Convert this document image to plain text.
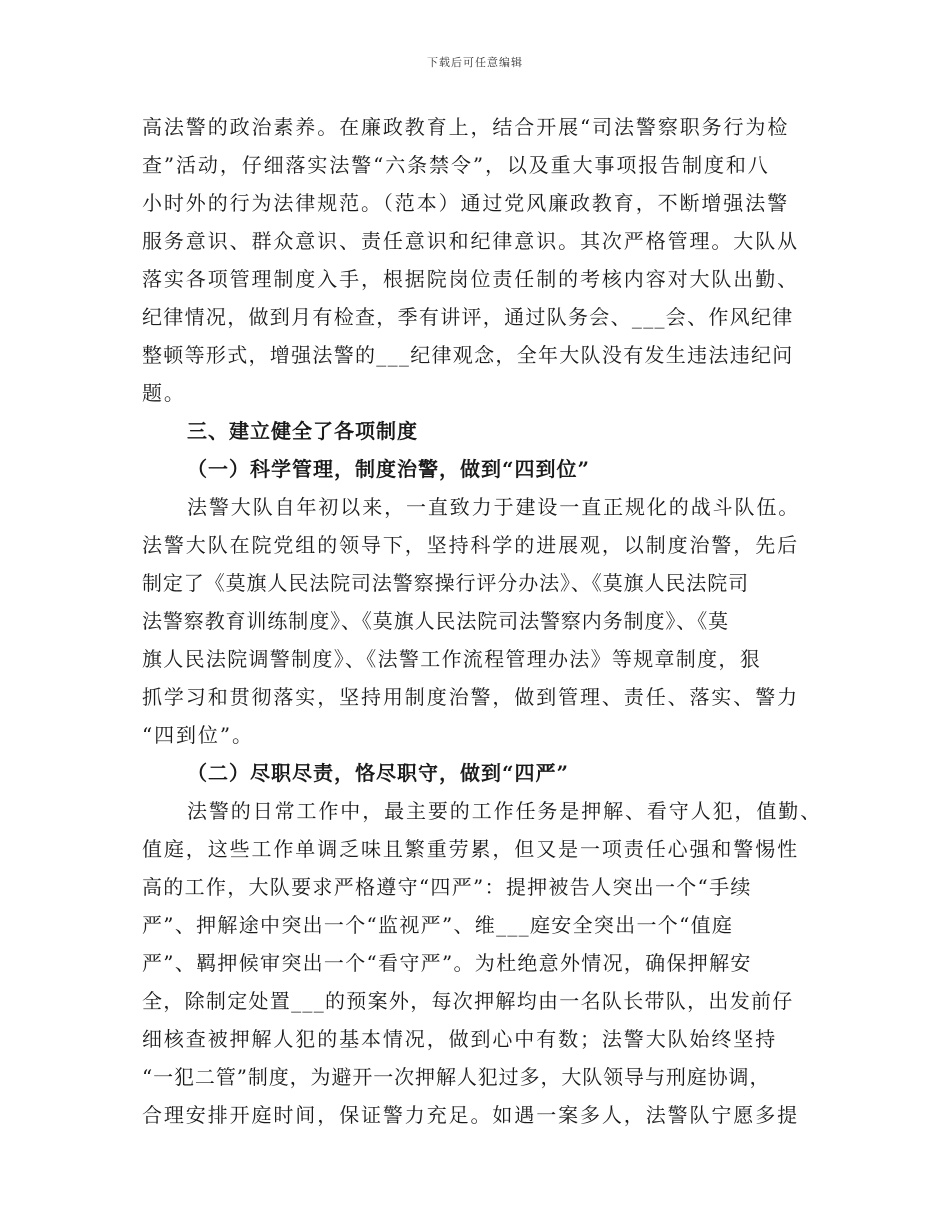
下载后可任意编辑
高法警的政治素养。在廉政教育上，结合开展“司法警察职务行为检
查”活动，仔细落实法警“六条禁令”，以及重大事项报告制度和八
小时外的行为法律规范。（范本）通过党风廉政教育，不断增强法警
服务意识、群众意识、责任意识和纪律意识。其次严格管理。大队从
落实各项管理制度入手，根据院岗位责任制的考核内容对大队出勤、
纪律情况，做到月有检查，季有讲评，通过队务会、___会、作风纪律
整顿等形式，增强法警的___纪律观念，全年大队没有发生违法违纪问
题。
三、建立健全了各项制度
（一）科学管理，制度治警，做到“四到位”
法警大队自年初以来，一直致力于建设一直正规化的战斗队伍。
法警大队在院党组的领导下，坚持科学的进展观，以制度治警，先后
制定了《莫旗人民法院司法警察操行评分办法》、《莫旗人民法院司
法警察教育训练制度》、《莫旗人民法院司法警察内务制度》、《莫
旗人民法院调警制度》、《法警工作流程管理办法》等规章制度，狠
抓学习和贯彻落实，坚持用制度治警，做到管理、责任、落实、警力
“四到位”。
（二）尽职尽责，恪尽职守，做到“四严”
法警的日常工作中，最主要的工作任务是押解、看守人犯，值勤、
值庭，这些工作单调乏味且繁重劳累，但又是一项责任心强和警惕性
高的工作，大队要求严格遵守“四严”：提押被告人突出一个“手续
严”、押解途中突出一个“监视严”、维___庭安全突出一个“值庭
严”、羁押候审突出一个“看守严”。为杜绝意外情况，确保押解安
全，除制定处置___的预案外，每次押解均由一名队长带队，出发前仔
细核查被押解人犯的基本情况，做到心中有数；法警大队始终坚持
“一犯二管”制度，为避开一次押解人犯过多，大队领导与刑庭协调，
合理安排开庭时间，保证警力充足。如遇一案多人，法警队宁愿多提
